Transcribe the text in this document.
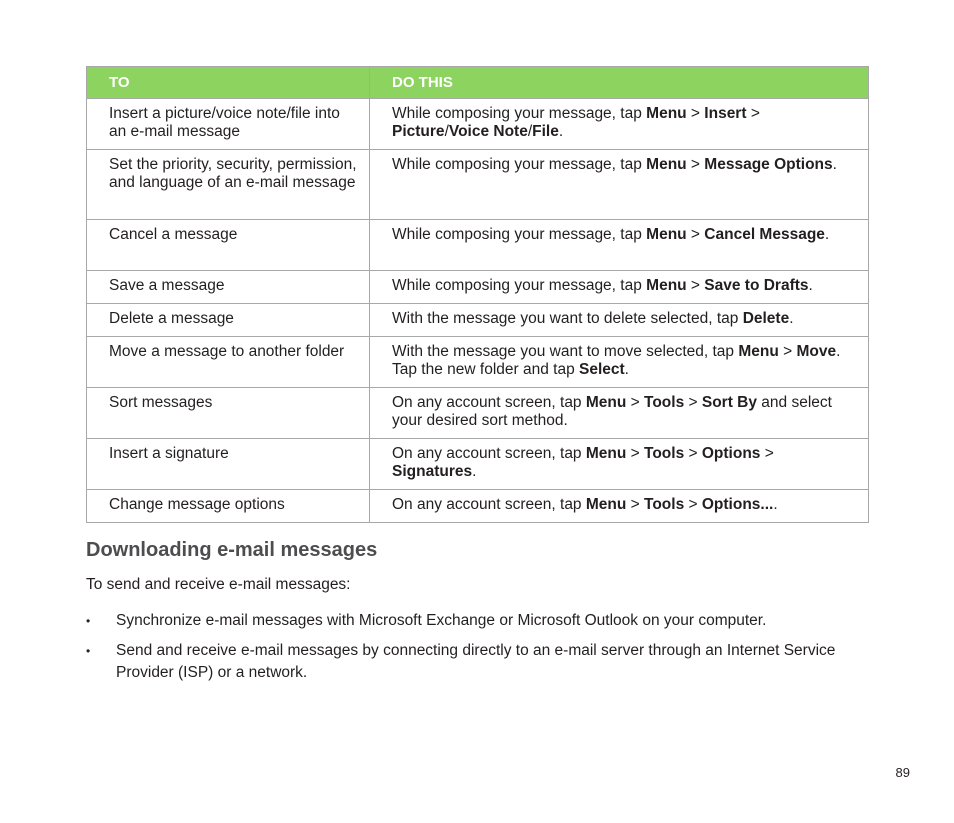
TO	DO THIS
Insert a picture/voice note/file into an e-mail message	While composing your message, tap Menu > Insert > Picture/Voice Note/File.
Set the priority, security, permission, and language of an e-mail message	While composing your message, tap Menu > Message Options.
Cancel a message	While composing your message, tap Menu > Cancel Message.
Save a message	While composing your message, tap Menu > Save to Drafts.
Delete a message	With the message you want to delete selected, tap Delete.
Move a message to another folder	With the message you want to move selected, tap Menu > Move. Tap the new folder and tap Select.
Sort messages	On any account screen, tap Menu > Tools > Sort By and select your desired sort method.
Insert a signature	On any account screen, tap Menu > Tools > Options > Signatures.
Change message options	On any account screen, tap Menu > Tools > Options....
Downloading e-mail messages
To send and receive e-mail messages:
• Synchronize e-mail messages with Microsoft Exchange or Microsoft Outlook on your computer.
• Send and receive e-mail messages by connecting directly to an e-mail server through an Internet Service Provider (ISP) or a network.
89
